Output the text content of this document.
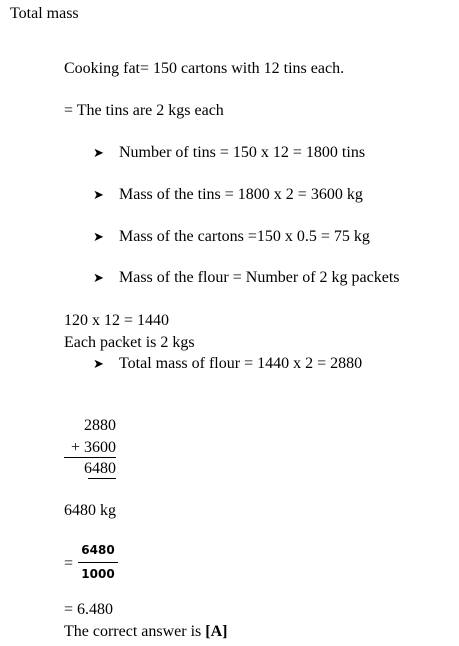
Total mass
Cooking fat= 150 cartons with 12 tins each.
= The tins are 2 kgs each
➤ Number of tins = 150 x 12 = 1800 tins
➤ Mass of the tins = 1800 x 2 = 3600 kg
➤ Mass of the cartons =150 x 0.5 = 75 kg
➤ Mass of the flour = Number of 2 kg packets
120 x 12 = 1440
Each packet is 2 kgs
➤ Total mass of flour = 1440 x 2 = 2880
2880
+ 3600
6480
6480 kg
=
6480
1000
= 6.480
The correct answer is [A]
